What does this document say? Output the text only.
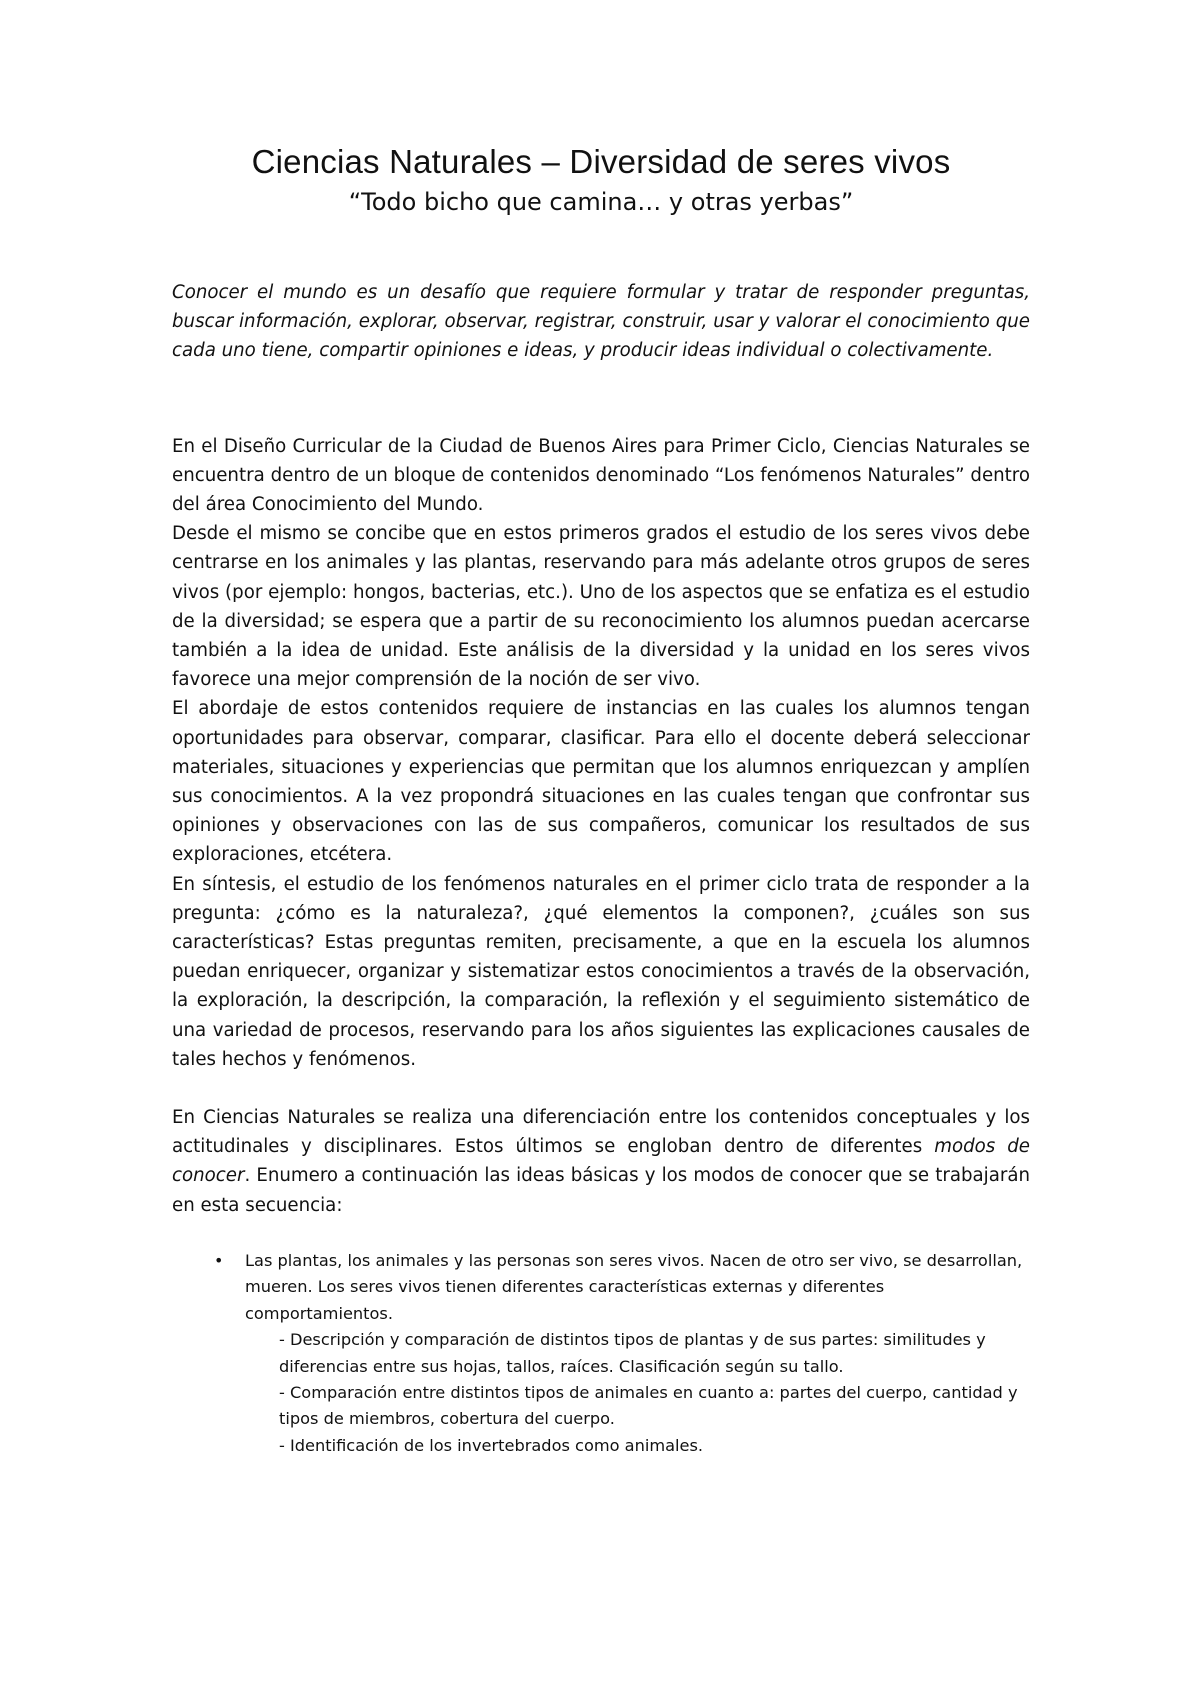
Ciencias Naturales – Diversidad de seres vivos

“Todo bicho que camina… y otras yerbas”

Conocer el mundo es un desafío que requiere formular y tratar de responder preguntas, buscar información, explorar, observar, registrar, construir, usar y valorar el conocimiento que cada uno tiene, compartir opiniones e ideas, y producir ideas individual o colectivamente.

En el Diseño Curricular de la Ciudad de Buenos Aires para Primer Ciclo, Ciencias Naturales se encuentra dentro de un bloque de contenidos denominado “Los fenómenos Naturales” dentro del área Conocimiento del Mundo.

Desde el mismo se concibe que en estos primeros grados el estudio de los seres vivos debe centrarse en los animales y las plantas, reservando para más adelante otros grupos de seres vivos (por ejemplo: hongos, bacterias, etc.). Uno de los aspectos que se enfatiza es el estudio de la diversidad; se espera que a partir de su reconocimiento los alumnos puedan acercarse también a la idea de unidad. Este análisis de la diversidad y la unidad en los seres vivos favorece una mejor comprensión de la noción de ser vivo.

El abordaje de estos contenidos requiere de instancias en las cuales los alumnos tengan oportunidades para observar, comparar, clasificar. Para ello el docente deberá seleccionar materiales, situaciones y experiencias que permitan que los alumnos enriquezcan y amplíen sus conocimientos. A la vez propondrá situaciones en las cuales tengan que confrontar sus opiniones y observaciones con las de sus compañeros, comunicar los resultados de sus exploraciones, etcétera.

En síntesis, el estudio de los fenómenos naturales en el primer ciclo trata de responder a la pregunta: ¿cómo es la naturaleza?, ¿qué elementos la componen?, ¿cuáles son sus características? Estas preguntas remiten, precisamente, a que en la escuela los alumnos puedan enriquecer, organizar y sistematizar estos conocimientos a través de la observación, la exploración, la descripción, la comparación, la reflexión y el seguimiento sistemático de una variedad de procesos, reservando para los años siguientes las explicaciones causales de tales hechos y fenómenos.

En Ciencias Naturales se realiza una diferenciación entre los contenidos conceptuales y los actitudinales y disciplinares. Estos últimos se engloban dentro de diferentes modos de conocer. Enumero a continuación las ideas básicas y los modos de conocer que se trabajarán en esta secuencia:

• Las plantas, los animales y las personas son seres vivos. Nacen de otro ser vivo, se desarrollan, mueren. Los seres vivos tienen diferentes características externas y diferentes comportamientos.
- Descripción y comparación de distintos tipos de plantas y de sus partes: similitudes y diferencias entre sus hojas, tallos, raíces. Clasificación según su tallo.
- Comparación entre distintos tipos de animales en cuanto a: partes del cuerpo, cantidad y tipos de miembros, cobertura del cuerpo.
- Identificación de los invertebrados como animales.
